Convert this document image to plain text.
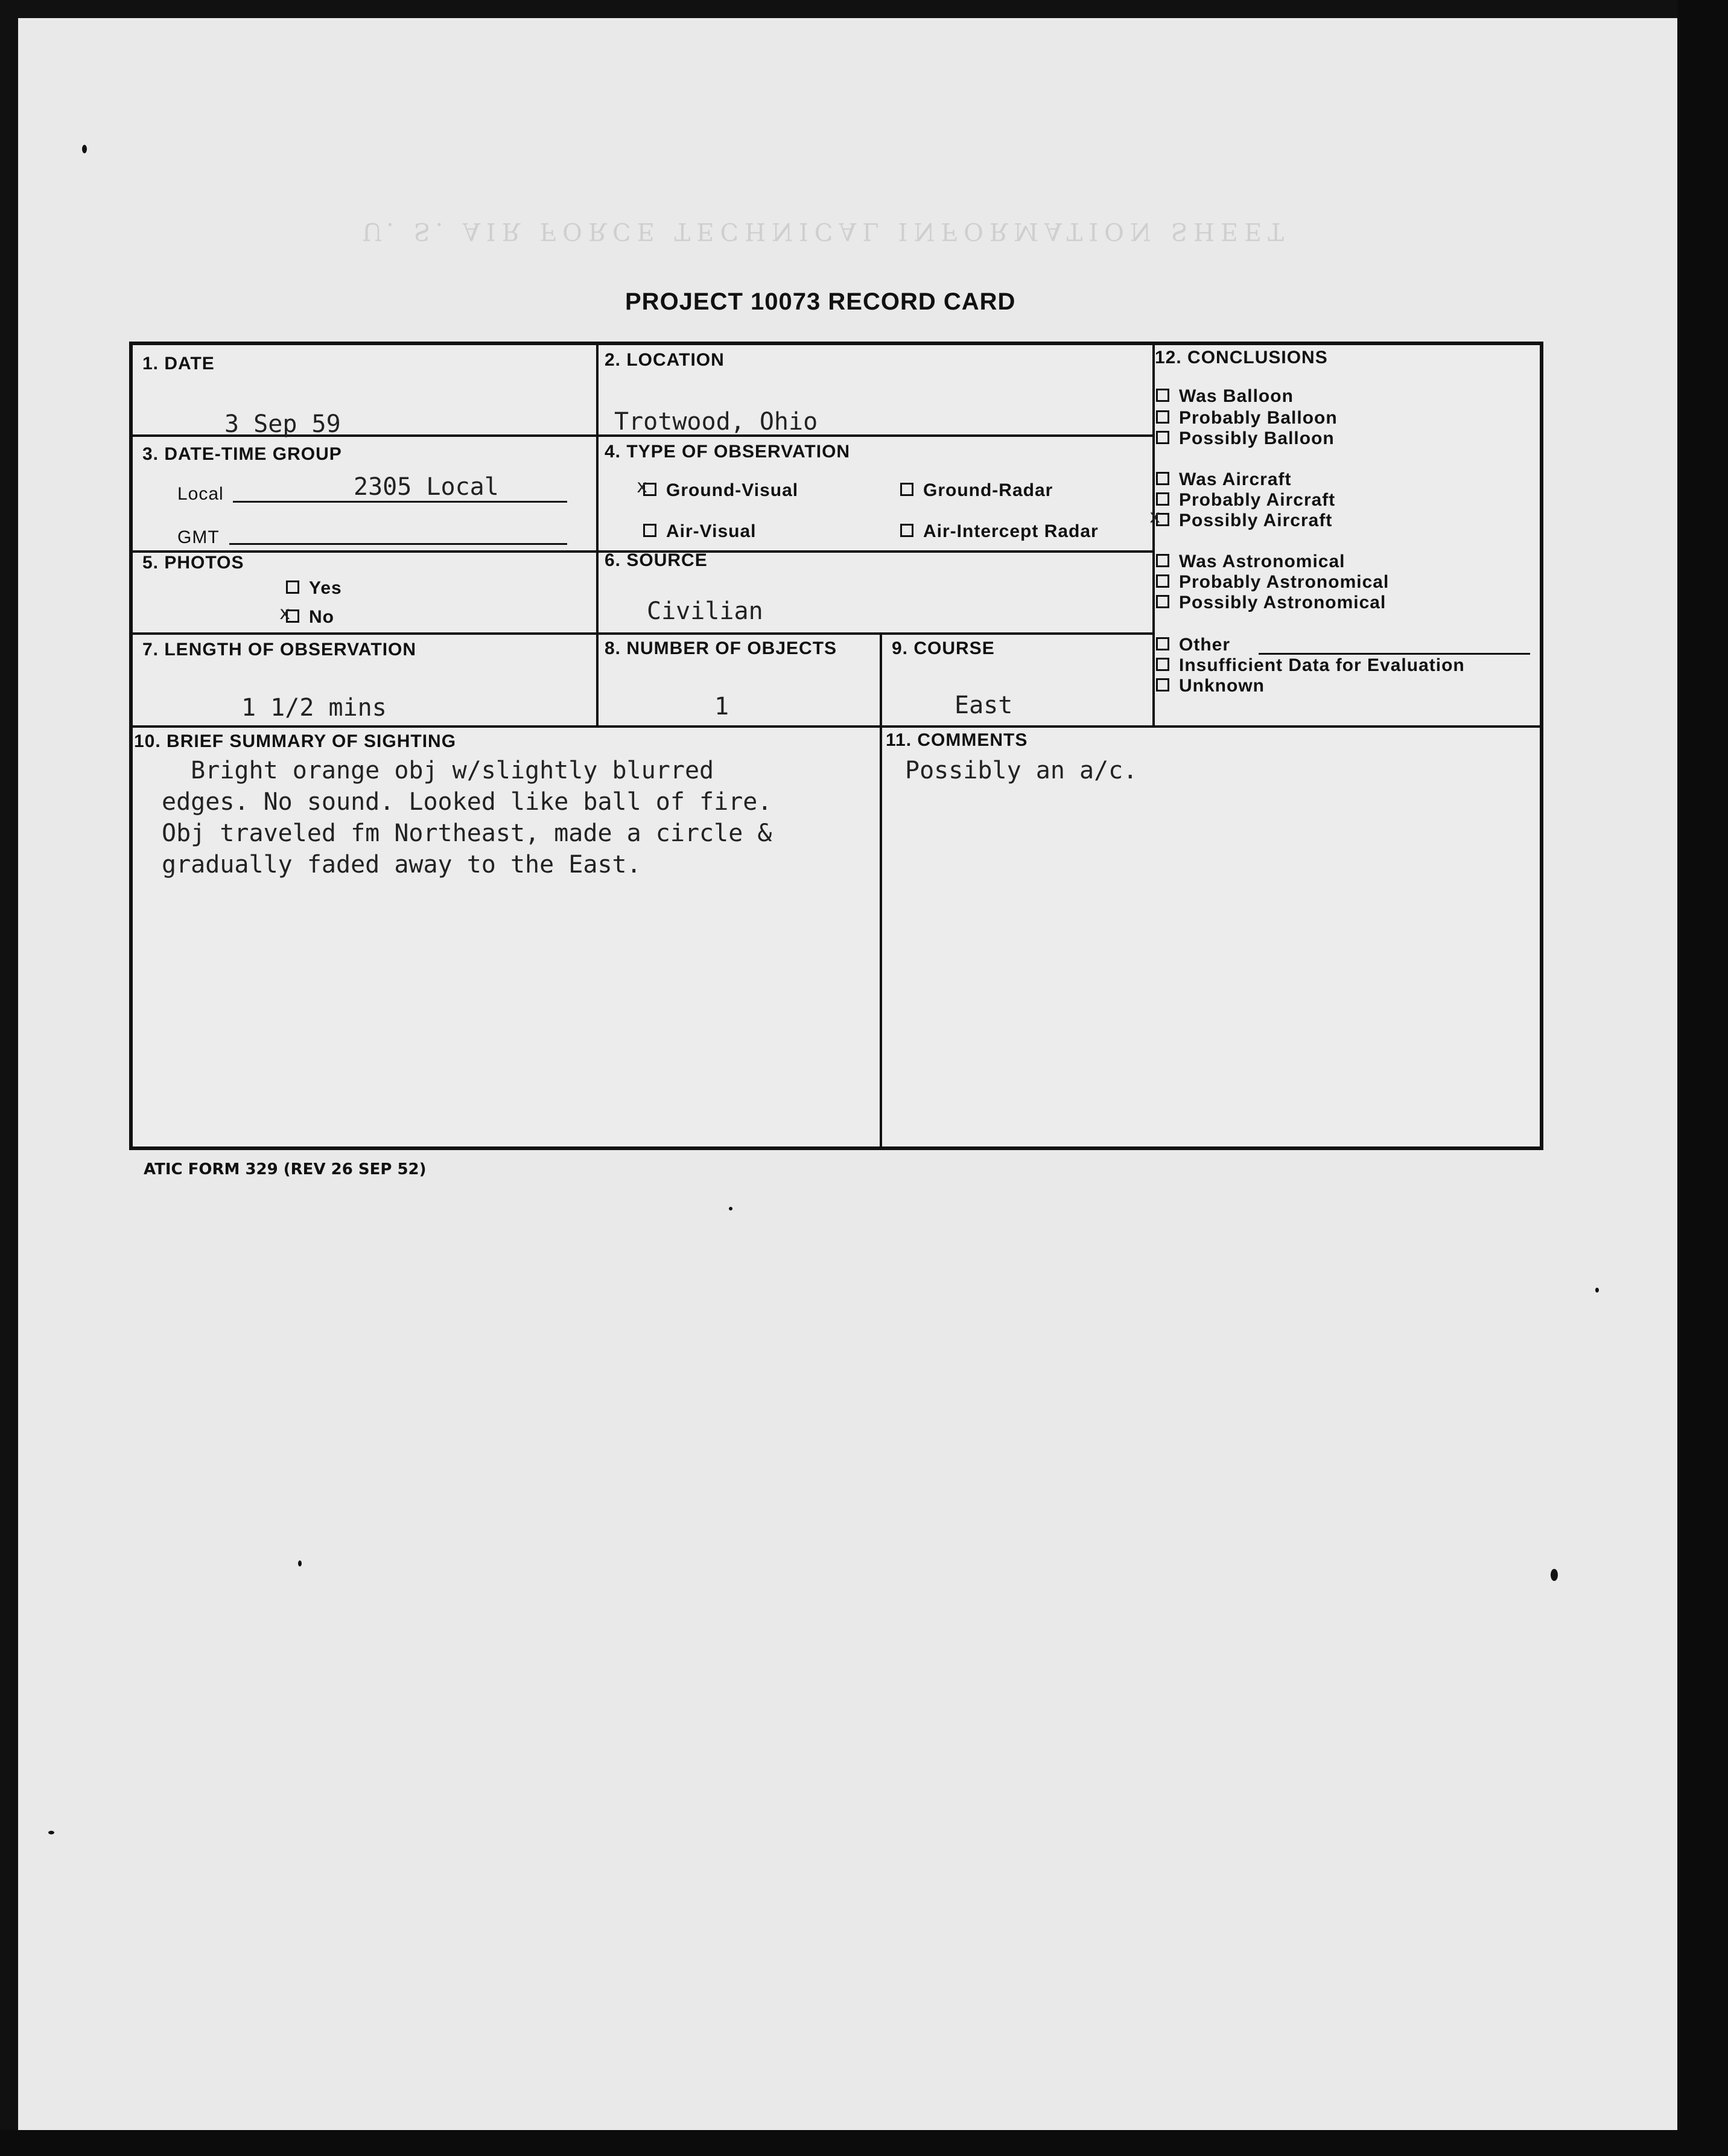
U. S. AIR FORCE TECHNICAL INFORMATION SHEET
PROJECT 10073 RECORD CARD
1. DATE
3 Sep 59
2. LOCATION
Trotwood, Ohio
3. DATE-TIME GROUP
Local	2305 Local
GMT
4. TYPE OF OBSERVATION
xGround-Visual	Ground-Radar
Air-Visual	Air-Intercept Radar
5. PHOTOS
Yes
xNo
6. SOURCE
Civilian
7. LENGTH OF OBSERVATION
1 1/2 mins
8. NUMBER OF OBJECTS
1
9. COURSE
East
10. BRIEF SUMMARY OF SIGHTING
Bright orange obj w/slightly blurred
edges. No sound. Looked like ball of fire.
Obj traveled fm Northeast, made a circle &
gradually faded away to the East.
11. COMMENTS
Possibly an a/c.
12. CONCLUSIONS
Was Balloon
Probably Balloon
Possibly Balloon
Was Aircraft
Probably Aircraft
xPossibly Aircraft
Was Astronomical
Probably Astronomical
Possibly Astronomical
Other
Insufficient Data for Evaluation
Unknown
ATIC FORM 329 (REV 26 SEP 52)
